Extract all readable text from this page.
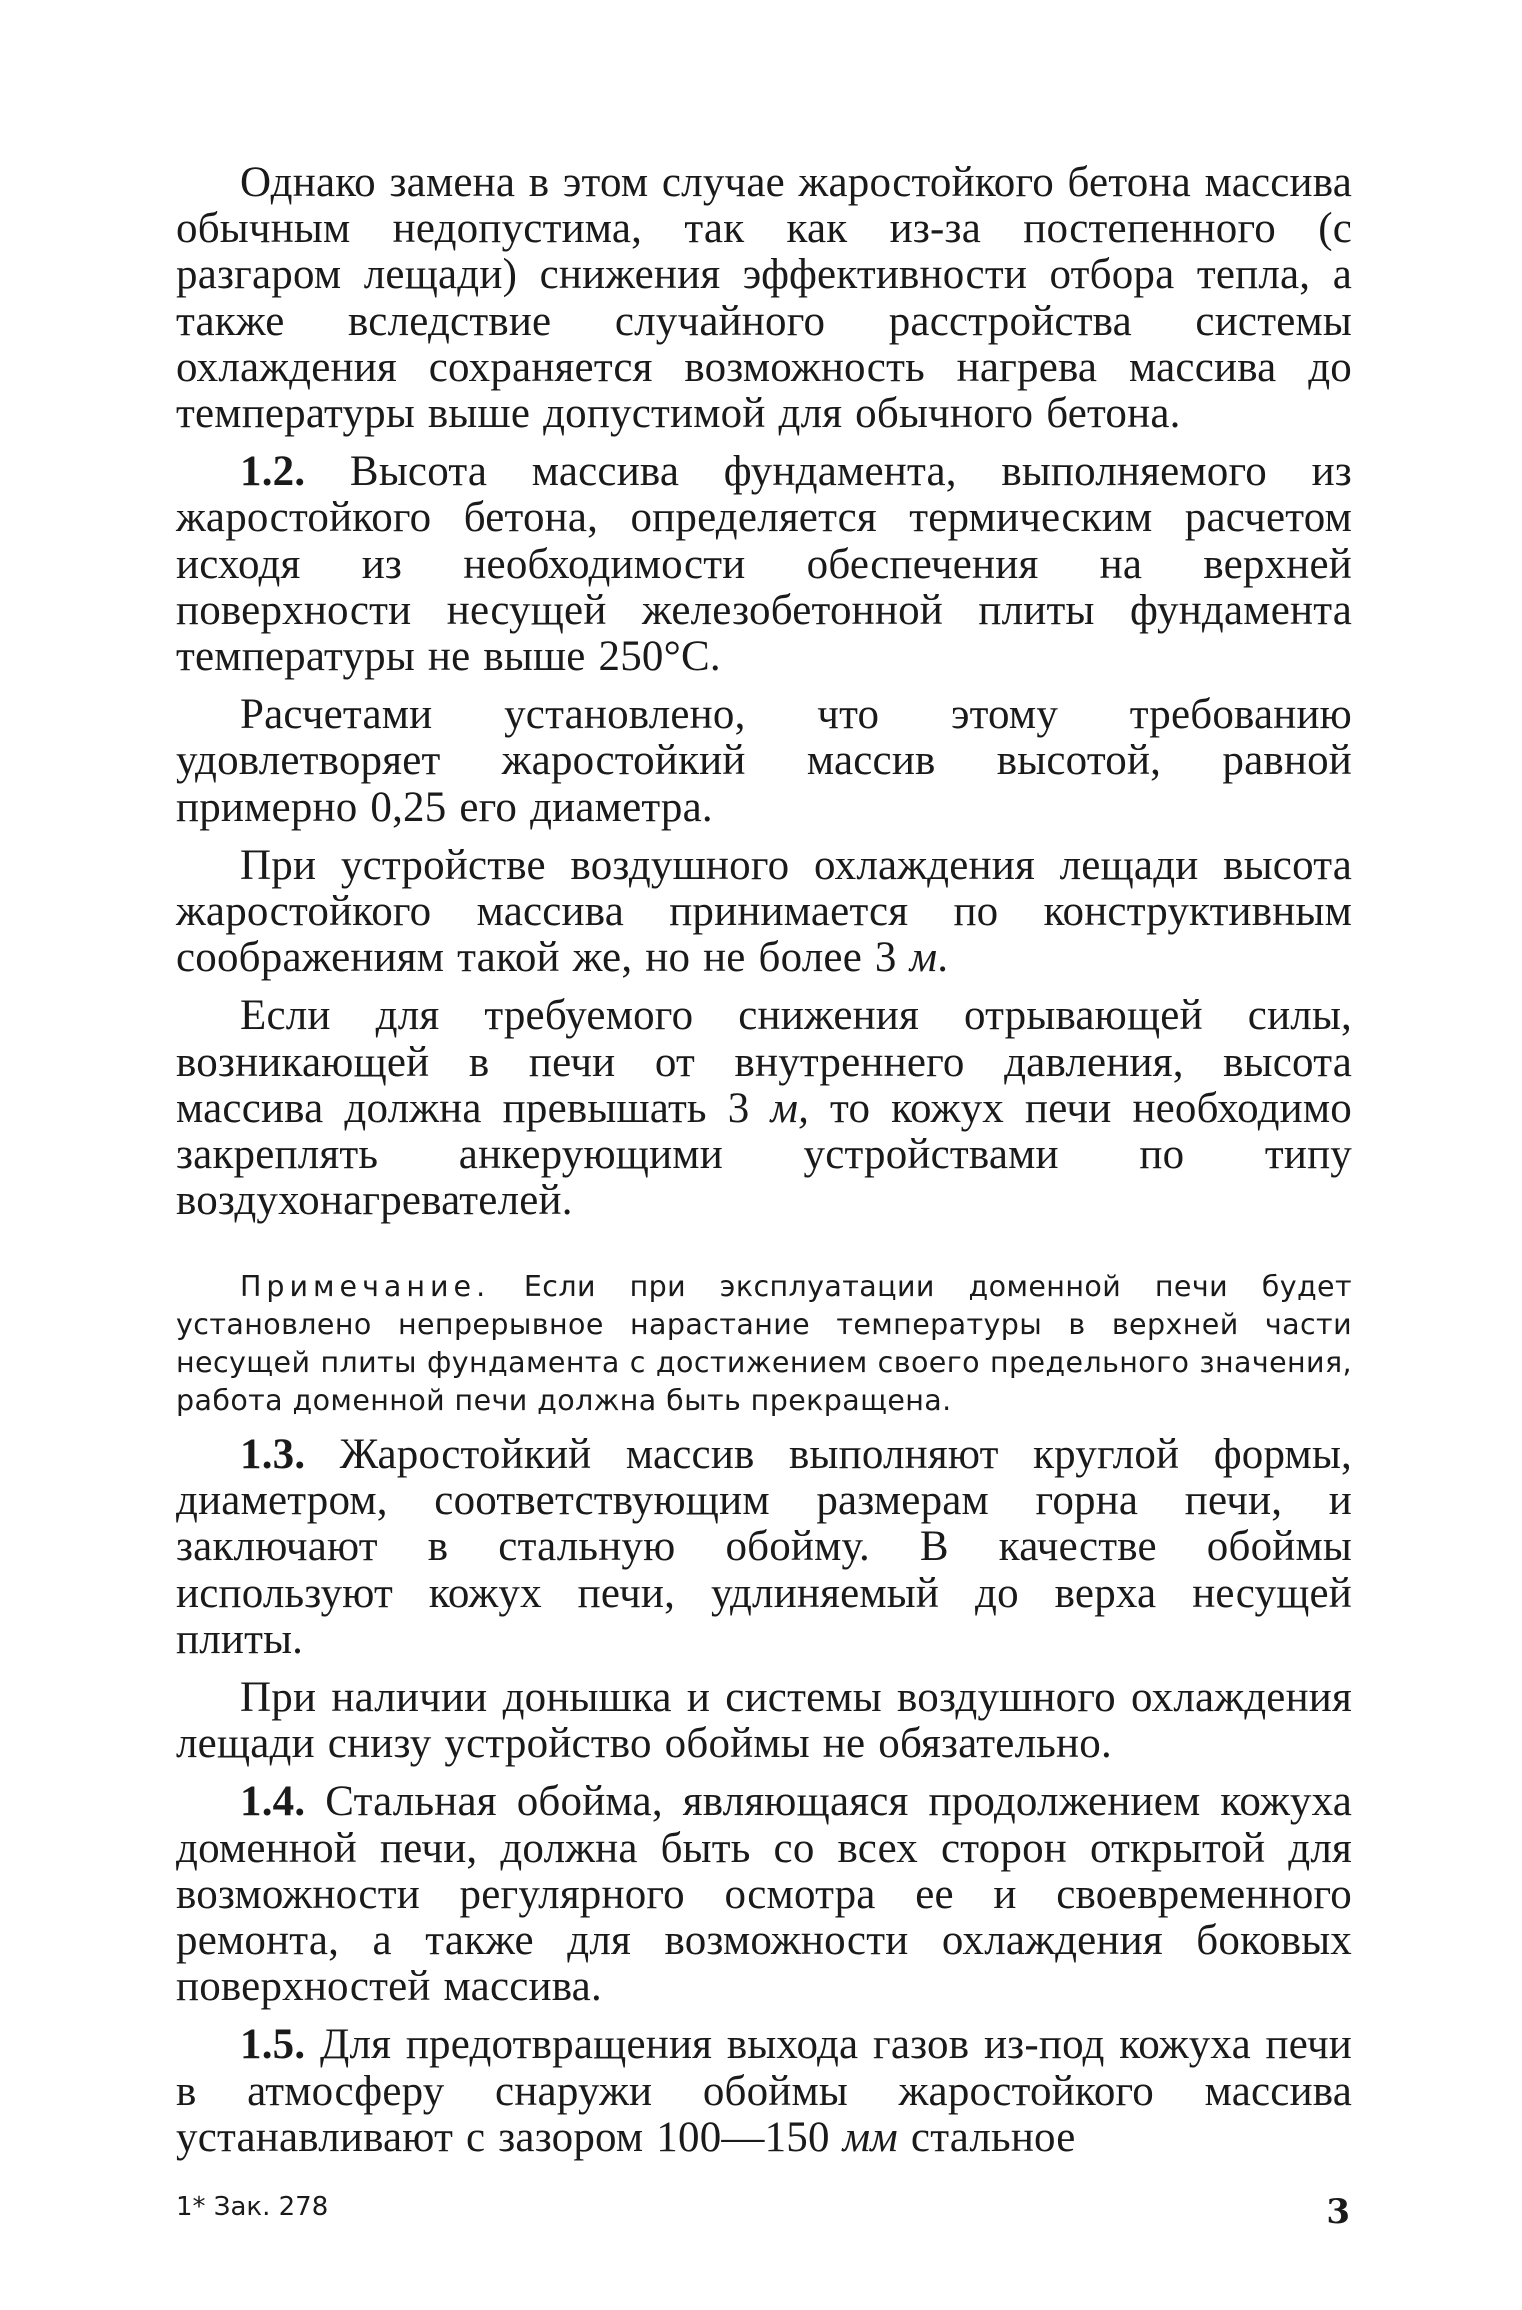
Однако замена в этом случае жаростойкого бетона массива обычным недопустима, так как из-за постепенного (с разгаром лещади) снижения эффективности отбора тепла, а также вследствие случайного расстройства системы охлаждения сохраняется возможность нагрева массива до температуры выше допустимой для обычного бетона.

1.2. Высота массива фундамента, выполняемого из жаростойкого бетона, определяется термическим расчетом исходя из необходимости обеспечения на верхней поверхности несущей железобетонной плиты фундамента температуры не выше 250°С.

Расчетами установлено, что этому требованию удовлетворяет жаростойкий массив высотой, равной примерно 0,25 его диаметра.

При устройстве воздушного охлаждения лещади высота жаростойкого массива принимается по конструктивным соображениям такой же, но не более 3 м.

Если для требуемого снижения отрывающей силы, возникающей в печи от внутреннего давления, высота массива должна превышать 3 м, то кожух печи необходимо закреплять анкерующими устройствами по типу воздухонагревателей.

Примечание. Если при эксплуатации доменной печи будет установлено непрерывное нарастание температуры в верхней части несущей плиты фундамента с достижением своего предельного значения, работа доменной печи должна быть прекращена.

1.3. Жаростойкий массив выполняют круглой формы, диаметром, соответствующим размерам горна печи, и заключают в стальную обойму. В качестве обоймы используют кожух печи, удлиняемый до верха несущей плиты.

При наличии донышка и системы воздушного охлаждения лещади снизу устройство обоймы не обязательно.

1.4. Стальная обойма, являющаяся продолжением кожуха доменной печи, должна быть со всех сторон открытой для возможности регулярного осмотра ее и своевременного ремонта, а также для возможности охлаждения боковых поверхностей массива.

1.5. Для предотвращения выхода газов из-под кожуха печи в атмосферу снаружи обоймы жаростойкого массива устанавливают с зазором 100—150 мм стальное

1* Зак. 278	3
